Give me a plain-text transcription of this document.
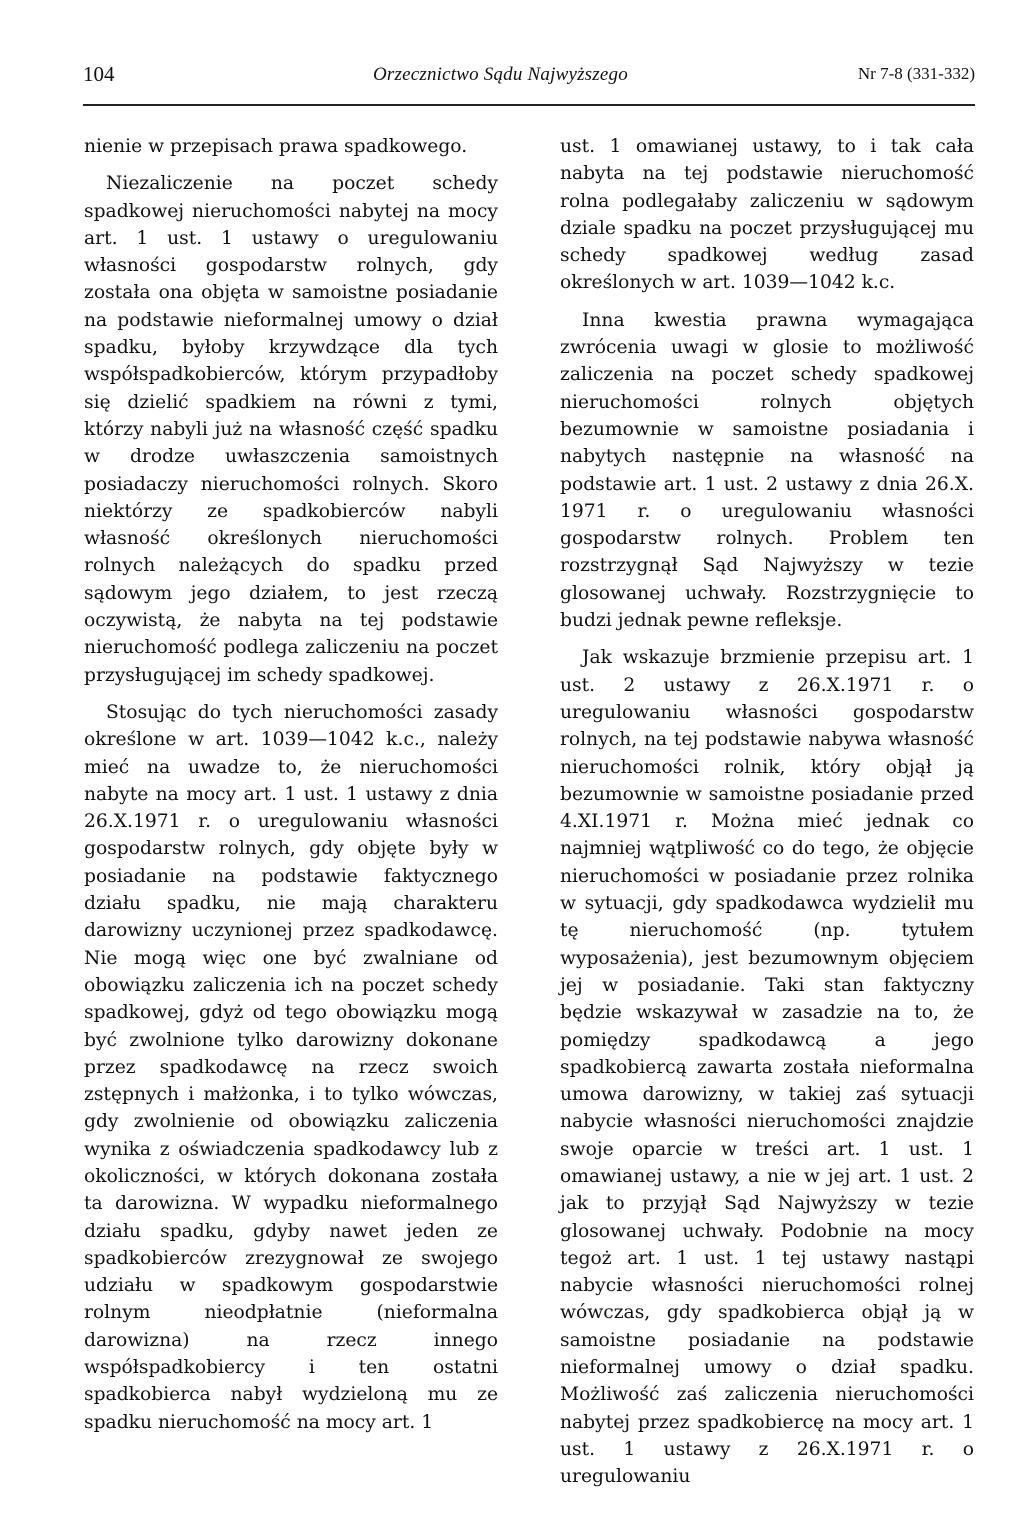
104	Orzecznictwo Sądu Najwyższego	Nr 7-8 (331-332)

nienie w przepisach prawa spadkowego.

Niezaliczenie na poczet schedy spadkowej nieruchomości nabytej na mocy art. 1 ust. 1 ustawy o uregulowaniu własności gospodarstw rolnych, gdy została ona objęta w samoistne posiadanie na podstawie nieformalnej umowy o dział spadku, byłoby krzywdzące dla tych współspadkobierców, którym przypadłoby się dzielić spadkiem na równi z tymi, którzy nabyli już na własność część spadku w drodze uwłaszczenia samoistnych posiadaczy nieruchomości rolnych. Skoro niektórzy ze spadkobierców nabyli własność określonych nieruchomości rolnych należących do spadku przed sądowym jego działem, to jest rzeczą oczywistą, że nabyta na tej podstawie nieruchomość podlega zaliczeniu na poczet przysługującej im schedy spadkowej.

Stosując do tych nieruchomości zasady określone w art. 1039—1042 k.c., należy mieć na uwadze to, że nieruchomości nabyte na mocy art. 1 ust. 1 ustawy z dnia 26.X.1971 r. o uregulowaniu własności gospodarstw rolnych, gdy objęte były w posiadanie na podstawie faktycznego działu spadku, nie mają charakteru darowizny uczynionej przez spadkodawcę. Nie mogą więc one być zwalniane od obowiązku zaliczenia ich na poczet schedy spadkowej, gdyż od tego obowiązku mogą być zwolnione tylko darowizny dokonane przez spadkodawcę na rzecz swoich zstępnych i małżonka, i to tylko wówczas, gdy zwolnienie od obowiązku zaliczenia wynika z oświadczenia spadkodawcy lub z okoliczności, w których dokonana została ta darowizna. W wypadku nieformalnego działu spadku, gdyby nawet jeden ze spadkobierców zrezygnował ze swojego udziału w spadkowym gospodarstwie rolnym nieodpłatnie (nieformalna darowizna) na rzecz innego współspadkobiercy i ten ostatni spadkobierca nabył wydzieloną mu ze spadku nieruchomość na mocy art. 1

ust. 1 omawianej ustawy, to i tak cała nabyta na tej podstawie nieruchomość rolna podlegałaby zaliczeniu w sądowym dziale spadku na poczet przysługującej mu schedy spadkowej według zasad określonych w art. 1039—1042 k.c.

Inna kwestia prawna wymagająca zwrócenia uwagi w glosie to możliwość zaliczenia na poczet schedy spadkowej nieruchomości rolnych objętych bezumownie w samoistne posiadania i nabytych następnie na własność na podstawie art. 1 ust. 2 ustawy z dnia 26.X. 1971 r. o uregulowaniu własności gospodarstw rolnych. Problem ten rozstrzygnął Sąd Najwyższy w tezie glosowanej uchwały. Rozstrzygnięcie to budzi jednak pewne refleksje.

Jak wskazuje brzmienie przepisu art. 1 ust. 2 ustawy z 26.X.1971 r. o uregulowaniu własności gospodarstw rolnych, na tej podstawie nabywa własność nieruchomości rolnik, który objął ją bezumownie w samoistne posiadanie przed 4.XI.1971 r. Można mieć jednak co najmniej wątpliwość co do tego, że objęcie nieruchomości w posiadanie przez rolnika w sytuacji, gdy spadkodawca wydzielił mu tę nieruchomość (np. tytułem wyposażenia), jest bezumownym objęciem jej w posiadanie. Taki stan faktyczny będzie wskazywał w zasadzie na to, że pomiędzy spadkodawcą a jego spadkobiercą zawarta została nieformalna umowa darowizny, w takiej zaś sytuacji nabycie własności nieruchomości znajdzie swoje oparcie w treści art. 1 ust. 1 omawianej ustawy, a nie w jej art. 1 ust. 2 jak to przyjął Sąd Najwyższy w tezie glosowanej uchwały. Podobnie na mocy tegoż art. 1 ust. 1 tej ustawy nastąpi nabycie własności nieruchomości rolnej wówczas, gdy spadkobierca objął ją w samoistne posiadanie na podstawie nieformalnej umowy o dział spadku. Możliwość zaś zaliczenia nieruchomości nabytej przez spadkobiercę na mocy art. 1 ust. 1 ustawy z 26.X.1971 r. o uregulowaniu
